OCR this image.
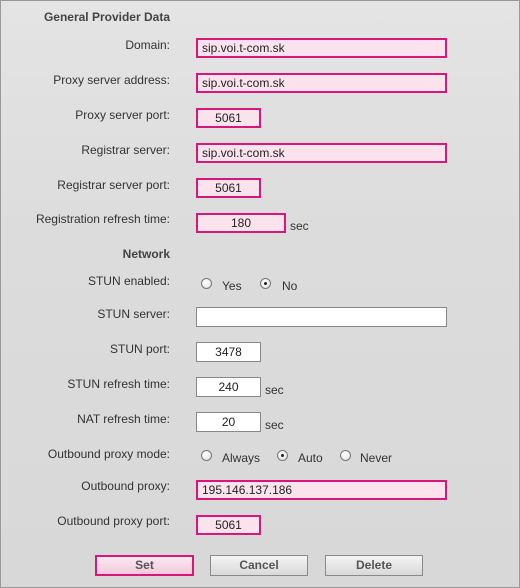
General Provider Data
Domain:	sip.voi.t-com.sk
Proxy server address:	sip.voi.t-com.sk
Proxy server port:	5061
Registrar server:	sip.voi.t-com.sk
Registrar server port:	5061
Registration refresh time:	180	sec
Network
STUN enabled:	Yes	No
STUN server:
STUN port:	3478
STUN refresh time:	240	sec
NAT refresh time:	20	sec
Outbound proxy mode:	Always	Auto	Never
Outbound proxy:	195.146.137.186
Outbound proxy port:	5061
Set	Cancel	Delete
